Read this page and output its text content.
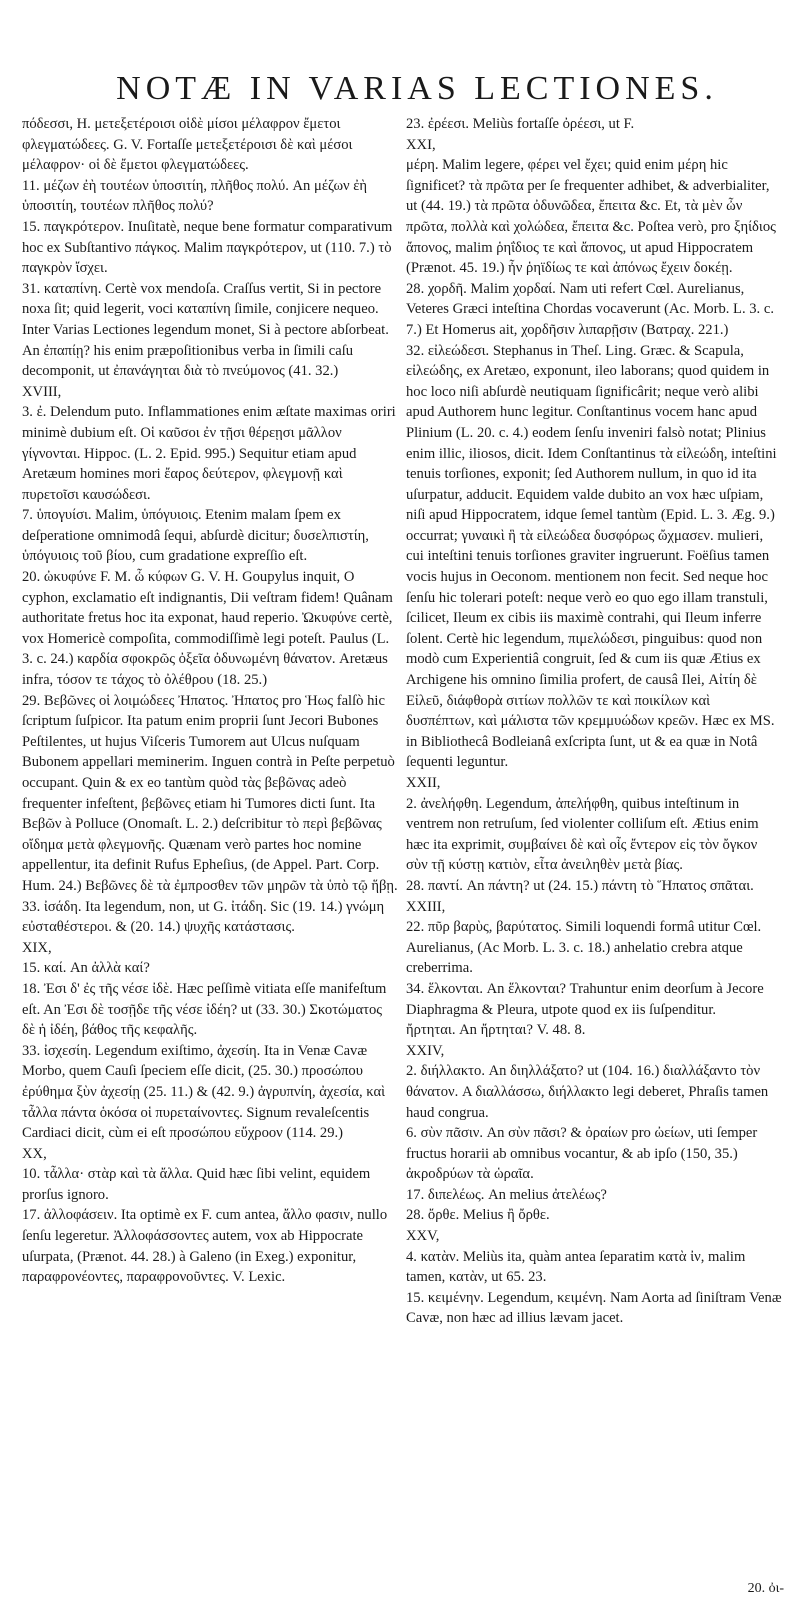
NOTÆ IN VARIAS LECTIONES.

πόδεσσι, H. μετεξετέροισι οἱδὲ μίσοι μέλαφρον ἔμετοι φλεγματώδεες. G. V. Fortaſſe μετεξετέροισι δὲ καὶ μέσοι μέλαφρον· οἱ δὲ ἔμετοι φλεγματώδεες.

11. μέζων ἐὴ τουτέων ὑποσιτίη, πλῆθος πολύ. An μέζων ἐὴ ὑποσιτίη, τουτέων πλῆθος πολύ?

15. παγκρότερον. Inuſitatè, neque bene formatur comparativum hoc ex Subſtantivo πάγκος. Malim παγκρότερον, ut (110. 7.) τὸ παγκρὸν ἴσχει.

31. καταπίνη. Certè vox mendoſa. Craſſus vertit, Si in pectore noxa ſit; quid legerit, voci καταπίνη ſimile, conjicere nequeo. Inter Varias Lectiones legendum monet, Si à pectore abſorbeat. An ἐπαπίῃ? his enim præpoſitionibus verba in ſimili caſu decomponit, ut ἐπανάγηται διὰ τὸ πνεύμονος (41. 32.)

XVIII,

3. ἐ. Delendum puto. Inflammationes enim æſtate maximas oriri minimè dubium eſt. Οἱ καῦσοι ἐν τῇσι θέρεῃσι μᾶλλον γίγνονται. Hippoc. (L. 2. Epid. 995.) Sequitur etiam apud Aretæum homines mori ἔαρος δεύτερον, φλεγμονῇ καὶ πυρετοῖσι καυσώδεσι.

7. ὑπογυίσι. Malim, ὑπόγυιοις. Etenim malam ſpem ex deſperatione omnimodâ ſequi, abſurdè dicitur; δυσελπιστίη, ὑπόγυιοις τοῦ βίου, cum gradatione expreſſio eſt.

20. ὠκυφύνε F. M. ὦ κύφων G. V. H. Goupylus inquit, O cyphon, exclamatio eſt indignantis, Dii veſtram fidem! Quânam authoritate fretus hoc ita exponat, haud reperio. Ὠκυφύνε certè, vox Homericè compoſita, commodiſſimè legi poteſt. Paulus (L. 3. c. 24.) καρδία σφοκρῶς ὀξεῖα ὀδυνωμένη θάνατον. Aretæus infra, τόσον τε τάχος τὸ ὀλέθρου (18. 25.)

29. Βεβῶνες οἱ λοιμώδεες Ἠπατος. Ἠπατος pro Ἡως falſò hic ſcriptum ſuſpicor. Ita patum enim proprii ſunt Jecori Bubones Peſtilentes, ut hujus Viſceris Tumorem aut Ulcus nuſquam Bubonem appellari meminerim. Inguen contrà in Peſte perpetuò occupant. Quin & ex eo tantùm quòd τὰς βεβῶνας adeò frequenter infeſtent, βεβῶνες etiam hi Tumores dicti ſunt. Ita Βεβῶν à Polluce (Onomaſt. L. 2.) deſcribitur τὸ περὶ βεβῶνας οἴδημα μετὰ φλεγμονῆς. Quænam verò partes hoc nomine appellentur, ita definit Rufus Epheſius, (de Appel. Part. Corp. Hum. 24.) Βεβῶνες δὲ τὰ ἐμπροσθεν τῶν μηρῶν τὰ ὑπὸ τῷ ἥβῃ.

33. ἰσάδη. Ita legendum, non, ut G. ἰτάδη. Sic (19. 14.) γνώμη εὐσταθέστεροι. & (20. 14.) ψυχῆς κατάστασις.

XIX,

15. καί. An ἀλλὰ καί?

18. Ἐσι δ' ἐς τῆς νέσε ἰδὲ. Hæc peſſimè vitiata eſſe manifeſtum eſt. An Ἐσι δὲ τοσῇδε τῆς νέσε ἰδέη? ut (33. 30.) Σκοτώματος δὲ ἡ ἰδέη, βάθος τῆς κεφαλῆς.

33. ἰσχεσίη. Legendum exiſtimo, ἀχεσίη. Ita in Venæ Cavæ Morbo, quem Cauſi ſpeciem eſſe dicit, (25. 30.) προσώπου ἐρύθημα ξὺν ἀχεσίῃ (25. 11.) & (42. 9.) ἀγρυπνίη, ἀχεσία, καὶ τἆλλα πάντα ὁκόσα οἱ πυρεταίνοντες. Signum revaleſcentis Cardiaci dicit, cùm ei eſt προσώπου εὔχροον (114. 29.)

XX,

10. τἆλλα· στὰρ καὶ τὰ ἄλλα. Quid hæc ſibi velint, equidem prorſus ignoro.

17. ἀλλοφάσειν. Ita optimè ex F. cum antea, ἄλλο φασιν, nullo ſenſu legeretur. Ἀλλοφάσσοντες autem, vox ab Hippocrate uſurpata, (Prænot. 44. 28.) à Galeno (in Exeg.) exponitur, παραφρονέοντες, παραφρονοῦντες. V. Lexic.

23. ἐρέεσι. Meliùs fortaſſe ὀρέεσι, ut F.

XXI,

μέρη. Malim legere, φέρει vel ἔχει; quid enim μέρη hic ſignificet? τὰ πρῶτα per ſe frequenter adhibet, & adverbialiter, ut (44. 19.) τὰ πρῶτα ὀδυνῶδεα, ἔπειτα &c. Et, τὰ μὲν ὦν πρῶτα, πολλὰ καὶ χολώδεα, ἔπειτα &c. Poſtea verò, pro ξηίδιος ἄπονος, malim ῥηΐδιος τε καὶ ἄπονος, ut apud Hippocratem (Prænot. 45. 19.) ἦν ῥηϊδίως τε καὶ ἀπόνως ἔχειν δοκέῃ.

28. χορδῆ. Malim χορδαί. Nam uti refert Cœl. Aurelianus, Veteres Græci inteſtina Chordas vocaverunt (Ac. Morb. L. 3. c. 7.) Et Homerus ait, χορδῆσιν λιπαρῇσιν (Βατραχ. 221.)

32. εἰλεώδεσι. Stephanus in Theſ. Ling. Græc. & Scapula, εἰλεώδης, ex Aretæo, exponunt, ileo laborans; quod quidem in hoc loco niſi abſurdè neutiquam ſignificârit; neque verò alibi apud Authorem hunc legitur. Conſtantinus vocem hanc apud Plinium (L. 20. c. 4.) eodem ſenſu inveniri falsò notat; Plinius enim illic, iliosos, dicit. Idem Conſtantinus τὰ εἰλεώδη, inteſtini tenuis torſiones, exponit; ſed Authorem nullum, in quo id ita uſurpatur, adducit. Equidem valde dubito an vox hæc uſpiam, niſi apud Hippocratem, idque ſemel tantùm (Epid. L. 3. Æg. 9.) occurrat; γυναικὶ ἣ τὰ εἰλεώδεα δυσφόρως ὤχμασεν. mulieri, cui inteſtini tenuis torſiones graviter ingruerunt. Foëſius tamen vocis hujus in Oeconom. mentionem non fecit. Sed neque hoc ſenſu hic tolerari poteſt: neque verò eo quo ego illam transtuli, ſcilicet, Ileum ex cibis iis maximè contrahi, qui Ileum inferre ſolent. Certè hic legendum, πιμελώδεσι, pinguibus: quod non modò cum Experientiâ congruit, ſed & cum iis quæ Ætius ex Archigene his omnino ſimilia profert, de causâ Ilei, Αἰτίη δὲ Εἰλεῦ, διάφθορὰ σιτίων πολλῶν τε καὶ ποικίλων καὶ δυσπέπτων, καὶ μάλιστα τῶν κρεμμυώδων κρεῶν. Hæc ex MS. in Bibliothecâ Bodleianâ exſcripta ſunt, ut & ea quæ in Notâ ſequenti leguntur.

XXII,

2. ἀνελήφθη. Legendum, ἀπελήφθη, quibus inteſtinum in ventrem non retruſum, ſed violenter colliſum eſt. Ætius enim hæc ita exprimit, συμβαίνει δὲ καὶ οἷς ἔντερον εἰς τὸν ὄγκον σὺν τῇ κύστῃ κατιὸν, εἶτα ἀνειληθὲν μετὰ βίας.

28. παντί. An πάντη? ut (24. 15.) πάντη τὸ Ἥπατος σπᾶται.

XXIII,

22. πῦρ βαρὺς, βαρύτατος. Simili loquendi formâ utitur Cœl. Aurelianus, (Ac Morb. L. 3. c. 18.) anhelatio crebra atque creberrima.

34. ἕλκονται. An ἕλκονται? Trahuntur enim deorſum à Jecore Diaphragma & Pleura, utpote quod ex iis ſuſpenditur.

ἤρτηται. An ἤρτηται? V. 48. 8.

XXIV,

2. διήλλακτο. An διηλλάξατο? ut (104. 16.) διαλλάξαντο τὸν θάνατον. A διαλλάσσω, διήλλακτο legi deberet, Phraſis tamen haud congrua.

6. σὺν πᾶσιν. An σὺν πᾶσι? & ὀραίων pro ὠείων, uti ſemper fructus horarii ab omnibus vocantur, & ab ipſo (150, 35.) ἀκροδρύων τὰ ὡραῖα.

17. διπελέως. An melius ἀτελέως?

28. ὄρθε. Melius ἢ ὄρθε.

XXV,

4. κατὰν. Meliùs ita, quàm antea ſeparatim κατὰ ἰν, malim tamen, κατὰν, ut 65. 23.

15. κειμένην. Legendum, κειμένη. Nam Aorta ad ſiniſtram Venæ Cavæ, non hæc ad illius lævam jacet.

20. ὀι-
